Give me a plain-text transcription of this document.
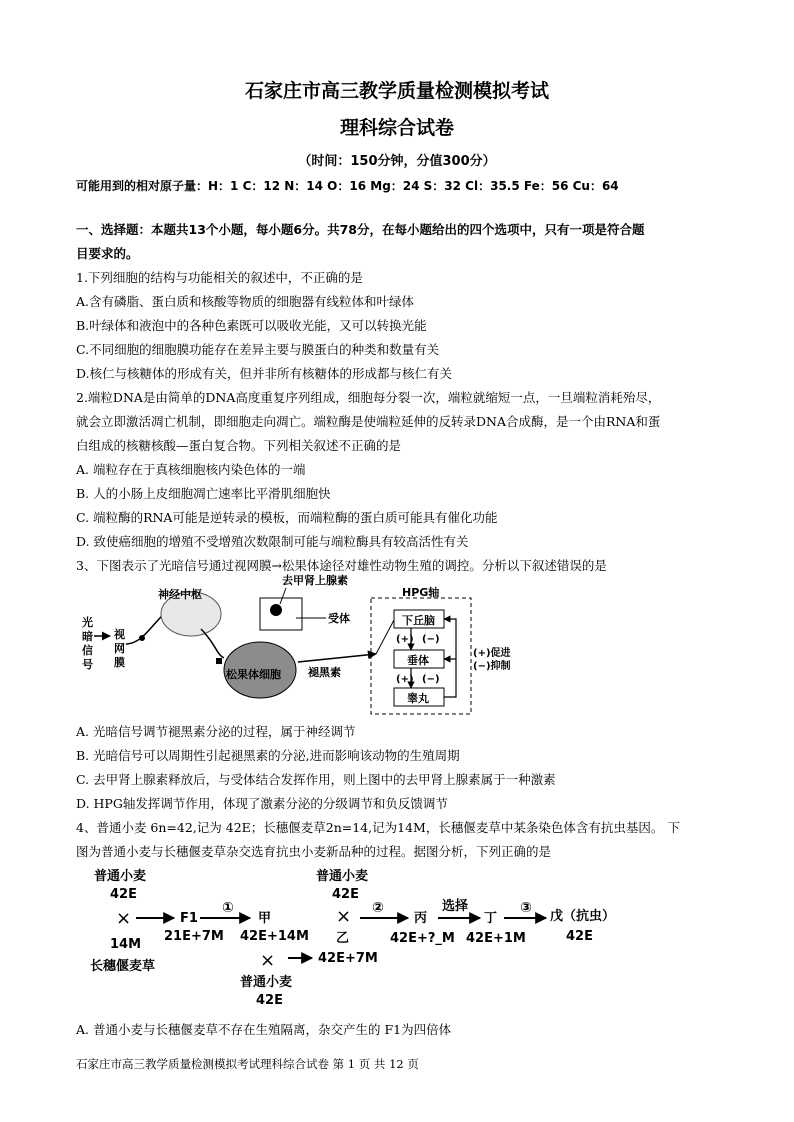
石家庄市高三教学质量检测模拟考试
理科综合试卷
（时间：150分钟，分值300分）
可能用到的相对原子量：H：1 C：12 N：14 O：16 Mg：24 S：32 Cl：35.5 Fe：56 Cu：64
一、选择题：本题共13个小题，每小题6分。共78分，在每小题给出的四个选项中，只有一项是符合题
目要求的。
1.下列细胞的结构与功能相关的叙述中，不正确的是
A.含有磷脂、蛋白质和核酸等物质的细胞器有线粒体和叶绿体
B.叶绿体和液泡中的各种色素既可以吸收光能，又可以转换光能
C.不同细胞的细胞膜功能存在差异主要与膜蛋白的种类和数量有关
D.核仁与核糖体的形成有关，但并非所有核糖体的形成都与核仁有关
2.端粒DNA是由简单的DNA高度重复序列组成，细胞每分裂一次，端粒就缩短一点，一旦端粒消耗殆尽，
就会立即激活凋亡机制，即细胞走向凋亡。端粒酶是使端粒延伸的反转录DNA合成酶，是一个由RNA和蛋
白组成的核糖核酸—蛋白复合物。下列相关叙述不正确的是
A. 端粒存在于真核细胞核内染色体的一端
B. 人的小肠上皮细胞凋亡速率比平滑肌细胞快
C. 端粒酶的RNA可能是逆转录的模板，而端粒酶的蛋白质可能具有催化功能
D. 致使癌细胞的增殖不受增殖次数限制可能与端粒酶具有较高活性有关
3、下图表示了光暗信号通过视网膜→松果体途径对雄性动物生殖的调控。分析以下叙述错误的是
光
暗
信
号
视
网
膜
神经中枢
去甲肾上腺素
受体
松果体细胞 褪黑素
HPG轴
下丘脑
垂体
睾丸
(+) (−)
(+) (−)
(+)促进
(−)抑制
A. 光暗信号调节褪黑素分泌的过程，属于神经调节
B. 光暗信号可以周期性引起褪黑素的分泌,进而影响该动物的生殖周期
C. 去甲肾上腺素释放后，与受体结合发挥作用，则上图中的去甲肾上腺素属于一种激素
D. HPG轴发挥调节作用，体现了激素分泌的分级调节和负反馈调节
4、普通小麦 6n=42,记为 42E；长穗偃麦草2n=14,记为14M，长穗偃麦草中某条染色体含有抗虫基因。 下
图为普通小麦与长穗偃麦草杂交选育抗虫小麦新品种的过程。据图分析，下列正确的是
普通小麦
42E
×
14M
长穗偃麦草
F1
21E+7M
①
甲
42E+14M
×
普通小麦
42E
普通小麦
42E
×
乙
42E+7M
②
丙
42E+?_M
选择
丁
42E+1M
③
戊（抗虫）
42E
A. 普通小麦与长穗偃麦草不存在生殖隔离，杂交产生的 F1为四倍体
石家庄市高三教学质量检测模拟考试理科综合试卷 第 1 页 共 12 页
